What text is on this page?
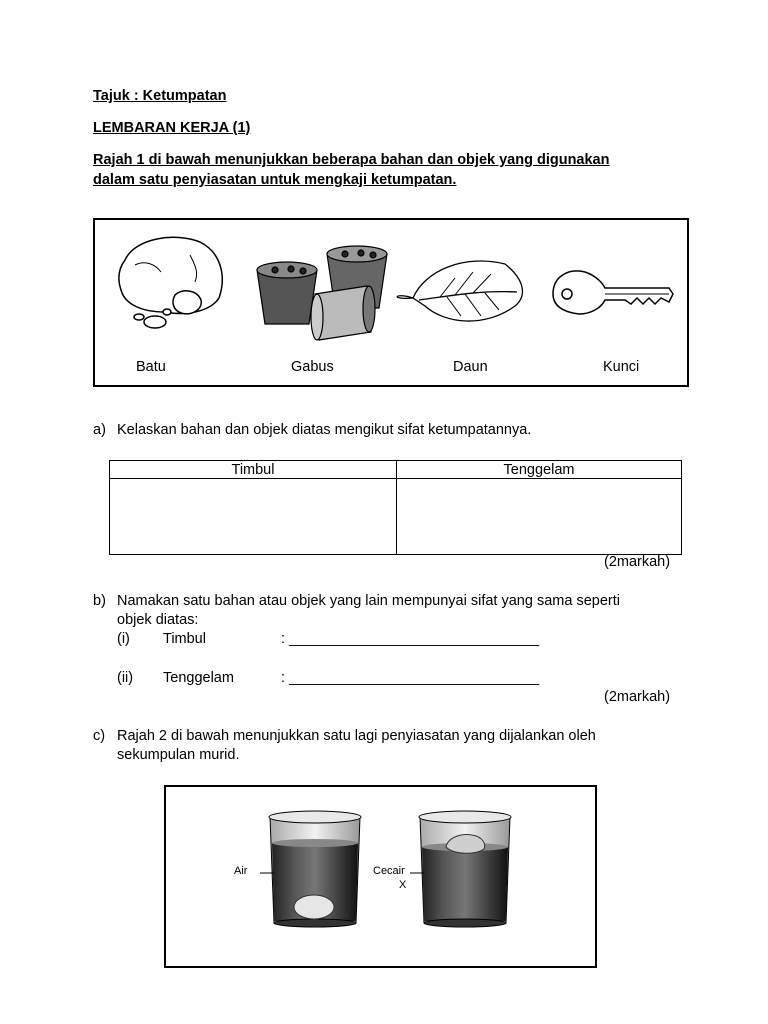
Tajuk : Ketumpatan
LEMBARAN KERJA (1)
Rajah 1 di bawah menunjukkan beberapa bahan dan objek yang digunakan
dalam satu penyiasatan untuk mengkaji ketumpatan.
Batu	Gabus	Daun	Kunci
a) Kelaskan bahan dan objek diatas mengikut sifat ketumpatannya.
Timbul	Tenggelam

(2markah)
b) Namakan satu bahan atau objek yang lain mempunyai sifat yang sama seperti
objek diatas:
(i) Timbul	: _______________________________
(ii) Tenggelam	: _______________________________
(2markah)
c) Rajah 2 di bawah menunjukkan satu lagi penyiasatan yang dijalankan oleh
sekumpulan murid.
Air	Cecair
X
